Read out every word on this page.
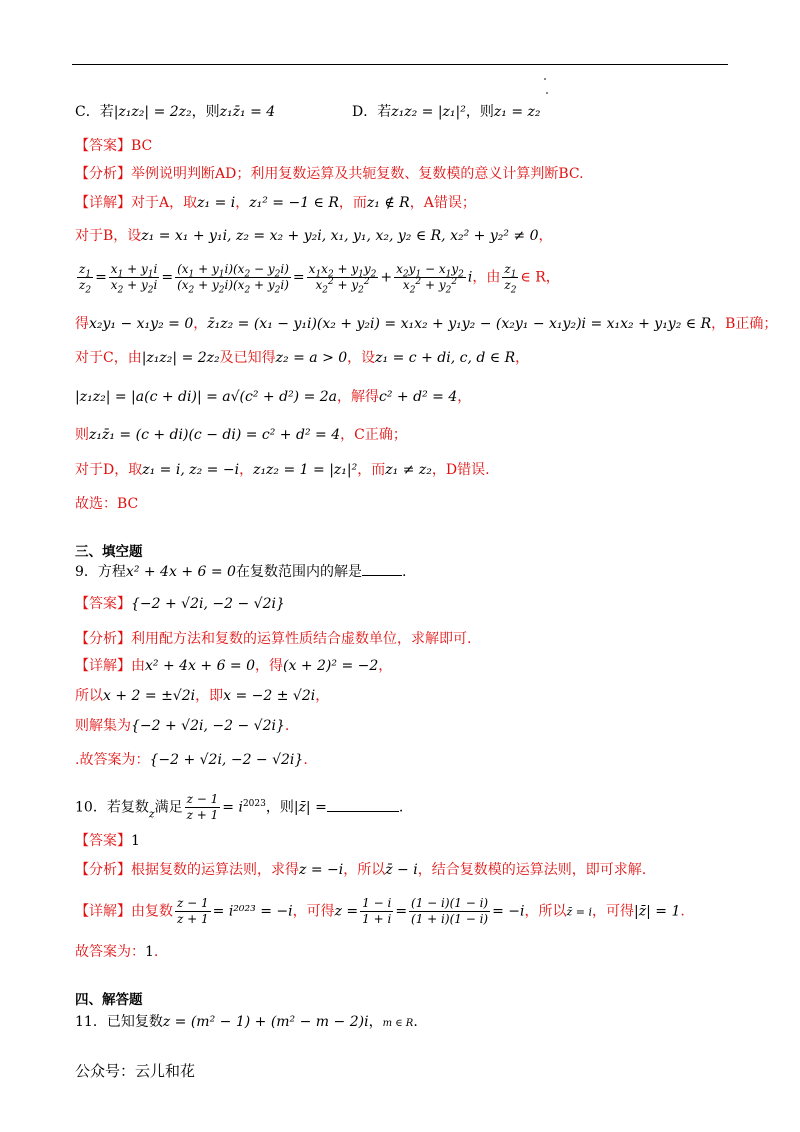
C．若|z₁z₂| = 2z₂，则z₁z̄₁ = 4	D．若z₁z₂ = |z₁|²，则z₁ = z₂
【答案】BC
【分析】举例说明判断AD；利用复数运算及共轭复数、复数模的意义计算判断BC.
【详解】对于A，取z₁ = i，z₁² = −1 ∈ R，而z₁ ∉ R，A错误；
对于B，设z₁ = x₁ + y₁i, z₂ = x₂ + y₂i, x₁, y₁, x₂, y₂ ∈ R, x₂² + y₂² ≠ 0，
$\frac{z_1}{z_2} = \frac{x_1 + y_1i}{x_2 + y_2i} = \frac{(x_1 + y_1i)(x_2 - y_2i)}{(x_2 + y_2i)(x_2 + y_2i)} = \frac{x_1x_2 + y_1y_2}{x_2^2 + y_2^2} + \frac{x_2y_1 - x_1y_2}{x_2^2 + y_2^2}$ i，由 $\frac{z_1}{z_2}$ ∈ R，
得x₂y₁ − x₁y₂ = 0，z̄₁z₂ = (x₁ − y₁i)(x₂ + y₂i) = x₁x₂ + y₁y₂ − (x₂y₁ − x₁y₂)i = x₁x₂ + y₁y₂ ∈ R，B正确；
对于C，由|z₁z₂| = 2z₂及已知得z₂ = a > 0，设z₁ = c + di, c, d ∈ R，
|z₁z₂| = |a(c + di)| = a√(c² + d²) = 2a，解得c² + d² = 4，
则z₁z̄₁ = (c + di)(c − di) = c² + d² = 4，C正确；
对于D，取z₁ = i, z₂ = −i，z₁z₂ = 1 = |z₁|²，而z₁ ≠ z₂，D错误.
故选：BC
三、填空题
9．方程x² + 4x + 6 = 0在复数范围内的解是	.
【答案】{−2 + √2i, −2 − √2i}
【分析】利用配方法和复数的运算性质结合虚数单位，求解即可.
【详解】由x² + 4x + 6 = 0，得(x + 2)² = −2，
所以x + 2 = ±√2i，即x = −2 ± √2i，
则解集为{−2 + √2i, −2 − √2i}.
.故答案为：{−2 + √2i, −2 − √2i}.
10．若复数$_z$满足 $\frac{z - 1}{z + 1} = i^{2023}$，则|z̄| =	.
【答案】1
【分析】根据复数的运算法则，求得z = −i，所以z̄ − i，结合复数模的运算法则，即可求解.
【详解】由复数 $\frac{z - 1}{z + 1} = i^{2023} = -i$，可得$z = \frac{1 - i}{1 + i} = \frac{(1 - i)(1 - i)}{(1 + i)(1 - i)} = -i$，所以z̄ = i，可得|z̄| = 1.
故答案为：1.
四、解答题
11．已知复数z = (m² − 1) + (m² − m − 2)i，m ∈ R.
公众号：云儿和花
